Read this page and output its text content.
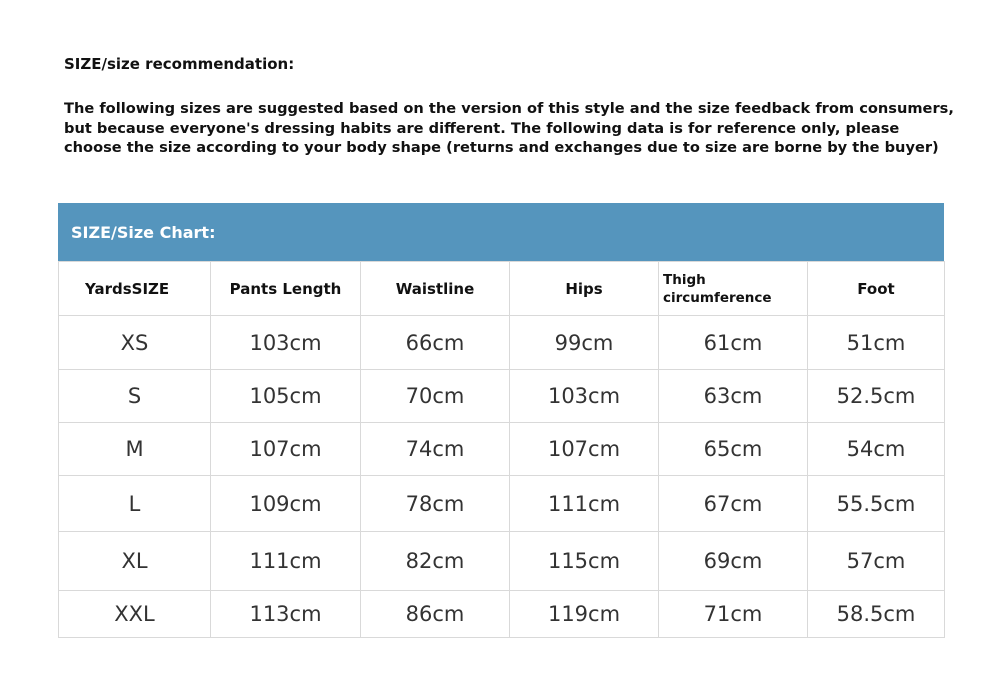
SIZE/size recommendation:
The following sizes are suggested based on the version of this style and the size feedback from consumers,
but because everyone's dressing habits are different. The following data is for reference only, please
choose the size according to your body shape (returns and exchanges due to size are borne by the buyer)
SIZE/Size Chart:
YardsSIZE	Pants Length	Waistline	Hips	Thigh circumference	Foot
XS	103cm	66cm	99cm	61cm	51cm
S	105cm	70cm	103cm	63cm	52.5cm
M	107cm	74cm	107cm	65cm	54cm
L	109cm	78cm	111cm	67cm	55.5cm
XL	111cm	82cm	115cm	69cm	57cm
XXL	113cm	86cm	119cm	71cm	58.5cm
